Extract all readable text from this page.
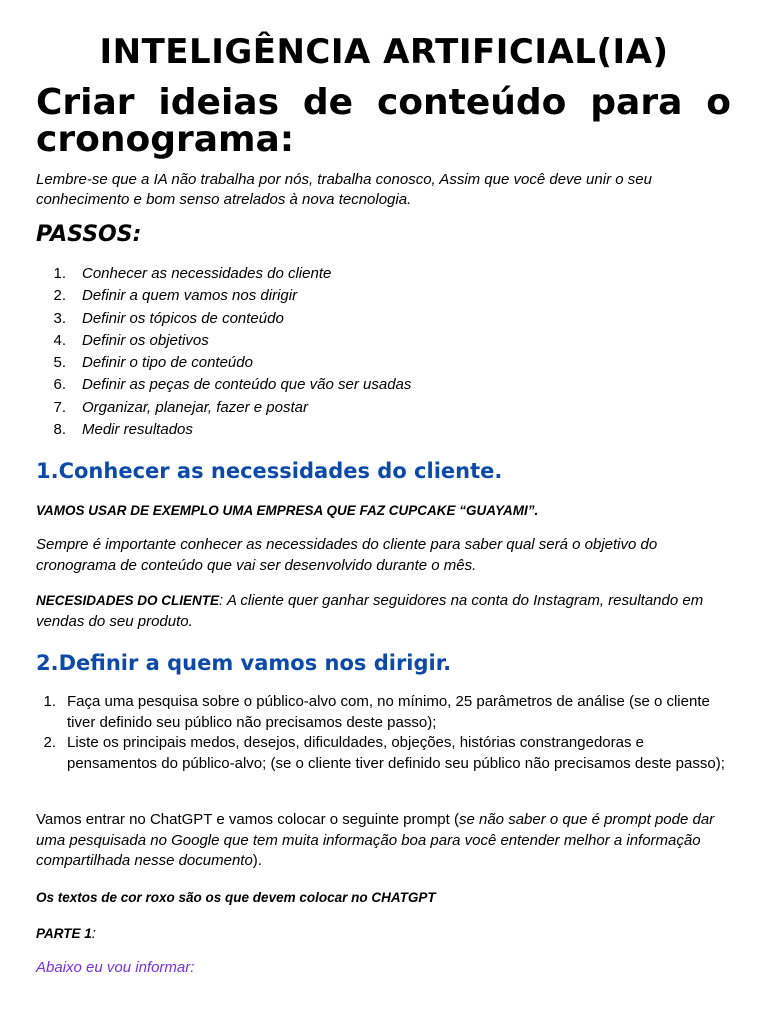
INTELIGÊNCIA ARTIFICIAL(IA)
Criar ideias de conteúdo para o cronograma:
Lembre-se que a IA não trabalha por nós, trabalha conosco, Assim que você deve unir o seu conhecimento e bom senso atrelados à nova tecnologia.
PASSOS:
1. Conhecer as necessidades do cliente
2. Definir a quem vamos nos dirigir
3. Definir os tópicos de conteúdo
4. Definir os objetivos
5. Definir o tipo de conteúdo
6. Definir as peças de conteúdo que vão ser usadas
7. Organizar, planejar, fazer e postar
8. Medir resultados
1.Conhecer as necessidades do cliente.
VAMOS USAR DE EXEMPLO UMA EMPRESA QUE FAZ CUPCAKE “GUAYAMI”.
Sempre é importante conhecer as necessidades do cliente para saber qual será o objetivo do cronograma de conteúdo que vai ser desenvolvido durante o mês.
NECESIDADES DO CLIENTE: A cliente quer ganhar seguidores na conta do Instagram, resultando em vendas do seu produto.
2.Definir a quem vamos nos dirigir.
1. Faça uma pesquisa sobre o público-alvo com, no mínimo, 25 parâmetros de análise (se o cliente tiver definido seu público não precisamos deste passo);
2. Liste os principais medos, desejos, dificuldades, objeções, histórias constrangedoras e pensamentos do público-alvo; (se o cliente tiver definido seu público não precisamos deste passo);
Vamos entrar no ChatGPT e vamos colocar o seguinte prompt (se não saber o que é prompt pode dar uma pesquisada no Google que tem muita informação boa para você entender melhor a informação compartilhada nesse documento).
Os textos de cor roxo são os que devem colocar no CHATGPT
PARTE 1:
Abaixo eu vou informar:
